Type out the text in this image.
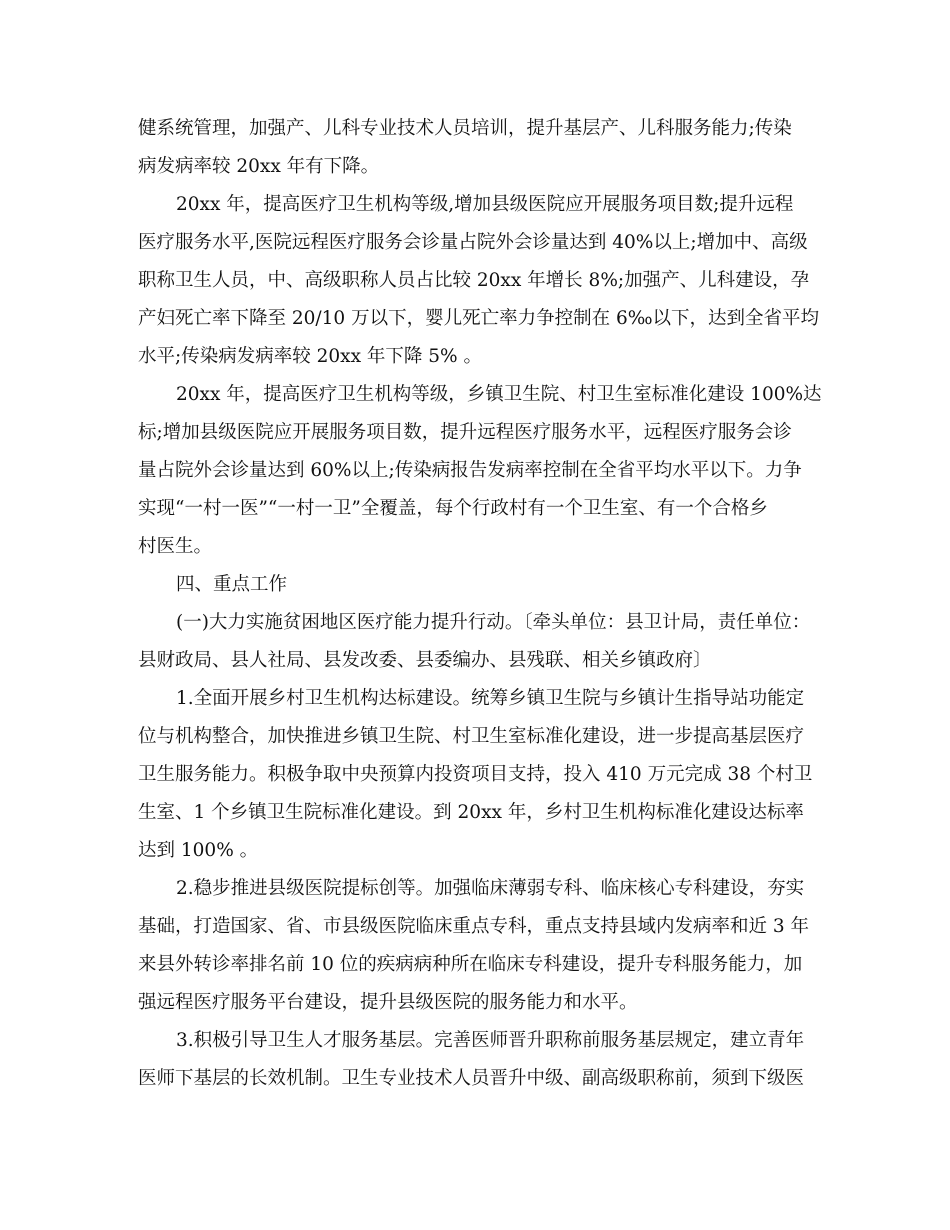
健系统管理，加强产、儿科专业技术人员培训，提升基层产、儿科服务能力;传染
病发病率较 20xx 年有下降。
20xx 年，提高医疗卫生机构等级,增加县级医院应开展服务项目数;提升远程
医疗服务水平,医院远程医疗服务会诊量占院外会诊量达到 40%以上;增加中、高级
职称卫生人员，中、高级职称人员占比较 20xx 年增长 8%;加强产、儿科建设，孕
产妇死亡率下降至 20/10 万以下，婴儿死亡率力争控制在 6‰以下，达到全省平均
水平;传染病发病率较 20xx 年下降 5% 。
20xx 年，提高医疗卫生机构等级，乡镇卫生院、村卫生室标准化建设 100%达
标;增加县级医院应开展服务项目数，提升远程医疗服务水平，远程医疗服务会诊
量占院外会诊量达到 60%以上;传染病报告发病率控制在全省平均水平以下。力争
实现“一村一医”“一村一卫”全覆盖，每个行政村有一个卫生室、有一个合格乡
村医生。
四、重点工作
(一)大力实施贫困地区医疗能力提升行动。〔牵头单位：县卫计局，责任单位：
县财政局、县人社局、县发改委、县委编办、县残联、相关乡镇政府〕
1.全面开展乡村卫生机构达标建设。统筹乡镇卫生院与乡镇计生指导站功能定
位与机构整合，加快推进乡镇卫生院、村卫生室标准化建设，进一步提高基层医疗
卫生服务能力。积极争取中央预算内投资项目支持，投入 410 万元完成 38 个村卫
生室、1 个乡镇卫生院标准化建设。到 20xx 年，乡村卫生机构标准化建设达标率
达到 100% 。
2.稳步推进县级医院提标创等。加强临床薄弱专科、临床核心专科建设，夯实
基础，打造国家、省、市县级医院临床重点专科，重点支持县域内发病率和近 3 年
来县外转诊率排名前 10 位的疾病病种所在临床专科建设，提升专科服务能力，加
强远程医疗服务平台建设，提升县级医院的服务能力和水平。
3.积极引导卫生人才服务基层。完善医师晋升职称前服务基层规定，建立青年
医师下基层的长效机制。卫生专业技术人员晋升中级、副高级职称前，须到下级医
